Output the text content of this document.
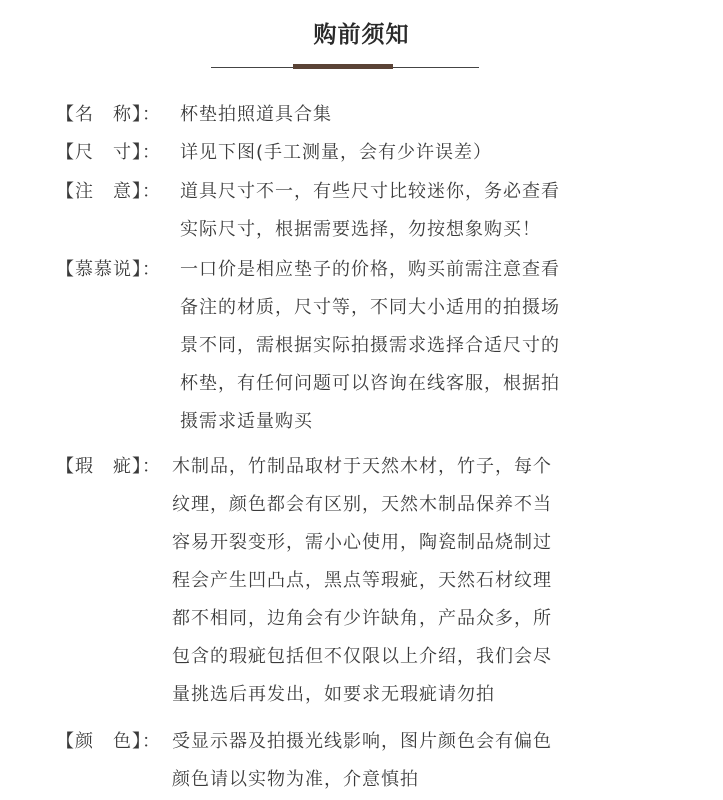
购前须知
【名　称】： 杯垫拍照道具合集
【尺　寸】： 详见下图(手工测量，会有少许误差）
【注　意】： 道具尺寸不一，有些尺寸比较迷你，务必查看
实际尺寸，根据需要选择，勿按想象购买！
【慕慕说】： 一口价是相应垫子的价格，购买前需注意查看
备注的材质，尺寸等，不同大小适用的拍摄场
景不同，需根据实际拍摄需求选择合适尺寸的
杯垫，有任何问题可以咨询在线客服，根据拍
摄需求适量购买
【瑕　疵】： 木制品，竹制品取材于天然木材，竹子，每个
纹理，颜色都会有区别，天然木制品保养不当
容易开裂变形，需小心使用，陶瓷制品烧制过
程会产生凹凸点，黑点等瑕疵，天然石材纹理
都不相同，边角会有少许缺角，产品众多，所
包含的瑕疵包括但不仅限以上介绍，我们会尽
量挑选后再发出，如要求无瑕疵请勿拍
【颜　色】： 受显示器及拍摄光线影响，图片颜色会有偏色
颜色请以实物为准，介意慎拍
